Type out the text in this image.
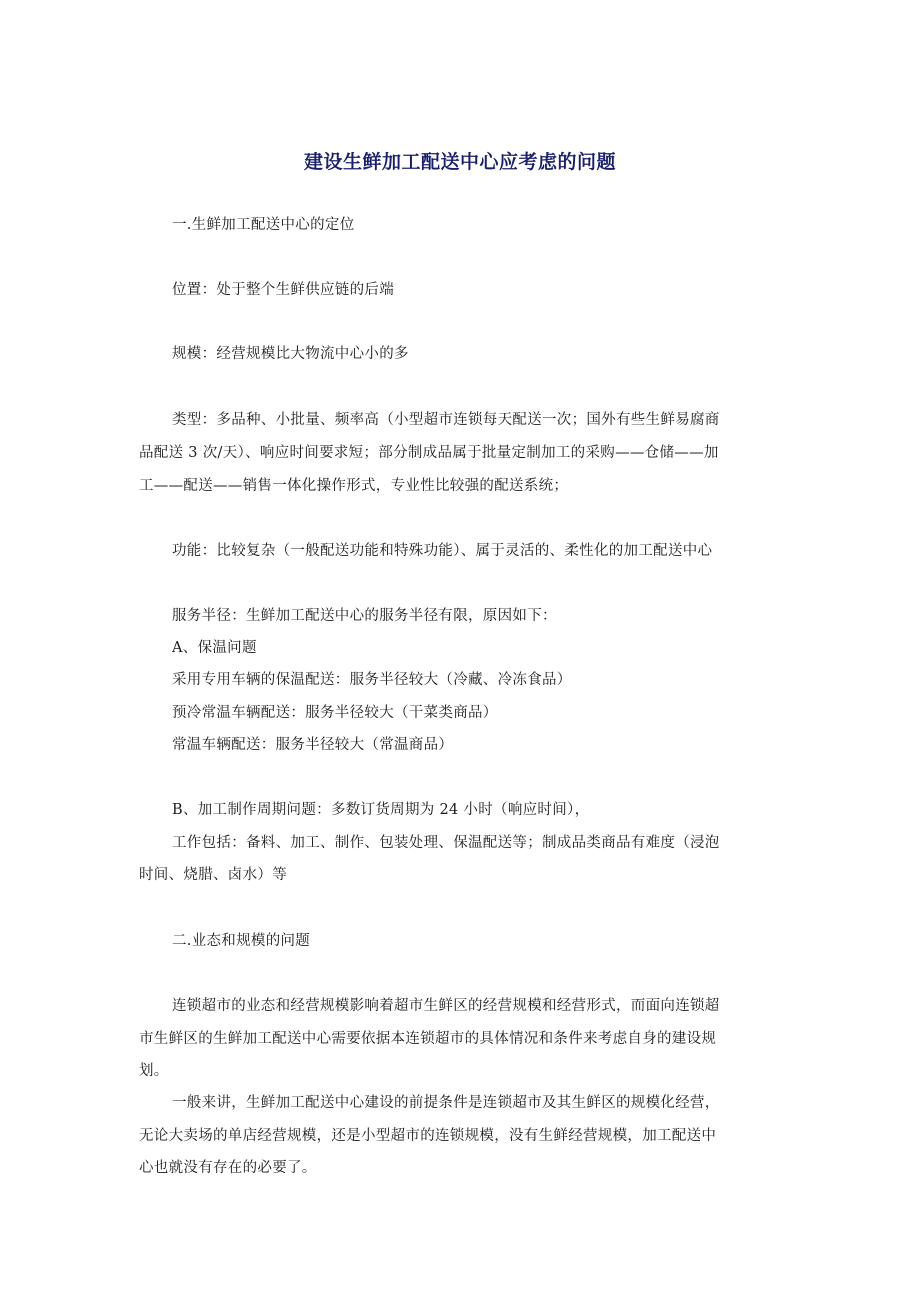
建设生鲜加工配送中心应考虑的问题
一.生鲜加工配送中心的定位
位置：处于整个生鲜供应链的后端
规模：经营规模比大物流中心小的多
类型：多品种、小批量、频率高（小型超市连锁每天配送一次；国外有些生鲜易腐商
品配送 3 次/天）、响应时间要求短；部分制成品属于批量定制加工的采购——仓储——加
工——配送——销售一体化操作形式，专业性比较强的配送系统；
功能：比较复杂（一般配送功能和特殊功能）、属于灵活的、柔性化的加工配送中心
服务半径：生鲜加工配送中心的服务半径有限，原因如下：
A、保温问题
采用专用车辆的保温配送：服务半径较大（冷藏、冷冻食品）
预冷常温车辆配送：服务半径较大（干菜类商品）
常温车辆配送：服务半径较大（常温商品）
B、加工制作周期问题：多数订货周期为 24 小时（响应时间），
工作包括：备料、加工、制作、包装处理、保温配送等；制成品类商品有难度（浸泡
时间、烧腊、卤水）等
二.业态和规模的问题
连锁超市的业态和经营规模影响着超市生鲜区的经营规模和经营形式，而面向连锁超
市生鲜区的生鲜加工配送中心需要依据本连锁超市的具体情况和条件来考虑自身的建设规
划。
一般来讲，生鲜加工配送中心建设的前提条件是连锁超市及其生鲜区的规模化经营，
无论大卖场的单店经营规模，还是小型超市的连锁规模，没有生鲜经营规模，加工配送中
心也就没有存在的必要了。
